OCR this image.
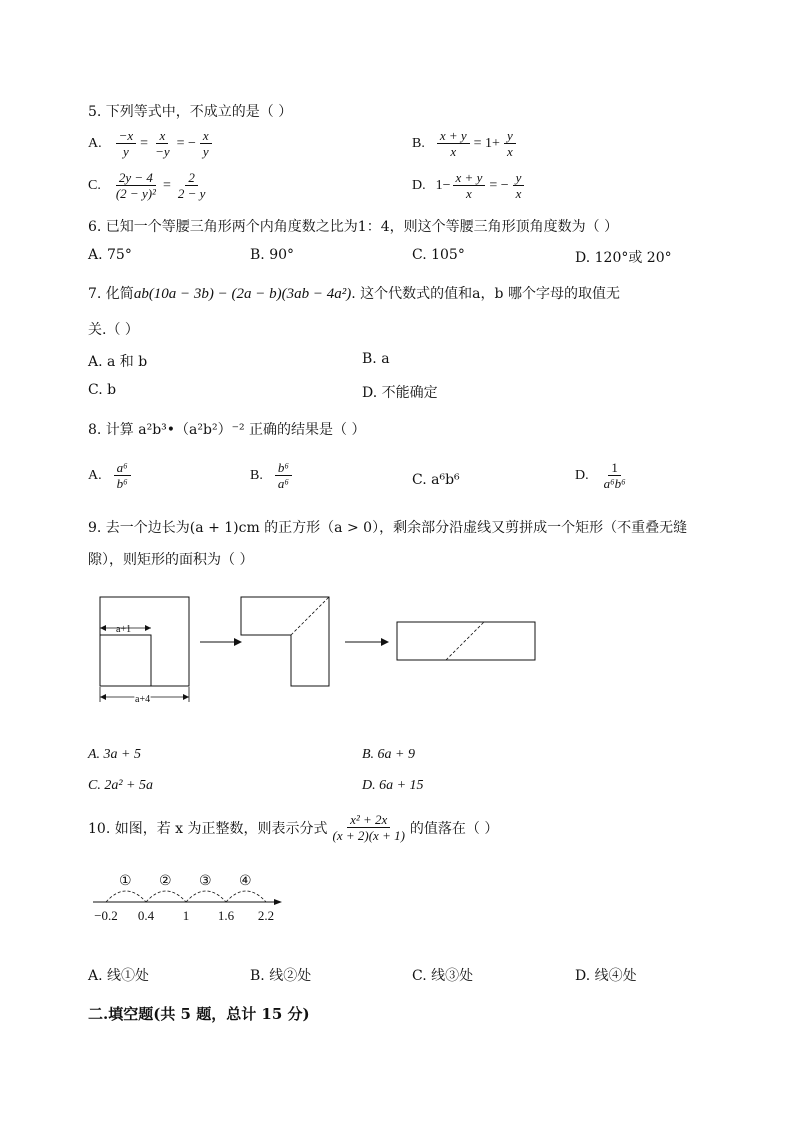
5. 下列等式中，不成立的是（ ）
A. $\frac{-x}{y} = \frac{x}{-y}$ = − $\frac{x}{y}$	B. $\frac{x + y}{x} = 1+ \frac{y}{x}$
C. $\frac{2y - 4}{\text{(2 − y)²}} = \frac{2}{2 - y}$	D. $1- \frac{x + y}{x}$ = − $\frac{y}{x}$
6. 已知一个等腰三角形两个内角度数之比为1：4，则这个等腰三角形顶角度数为（ ）
A. 75°	B. 90°	C. 105°	D. 120°或 20°
7. 化简ab(10a − 3b) − (2a − b)(3ab − 4a²). 这个代数式的值和a，b 哪个字母的取值无
关.（ ）
A. a 和 b	B. a
C. b	D. 不能确定
8. 计算 a²b³•（a²b²）⁻² 正确的结果是（ ）
A. $\frac{\text{a⁶}}{\text{b⁶}}$	B. $\frac{\text{b⁶}}{\text{a⁶}}$	C. a⁶b⁶	D. $\frac{1}{\text{a⁶b⁶}}$
9. 去一个边长为(a + 1)cm 的正方形（a > 0），剩余部分沿虚线又剪拼成一个矩形（不重叠无缝
隙），则矩形的面积为（ ）
a+1
a+4
A. 3a + 5	B. 6a + 9
C. 2a² + 5a	D. 6a + 15
10. 如图，若 x 为正整数，则表示分式 $\frac{\text{x² + 2x}}{(x + 2)(x + 1)}$ 的值落在（ ）
① ② ③ ④
−0.2 0.4 1 1.6 2.2
A. 线①处	B. 线②处	C. 线③处	D. 线④处
二.填空题(共 5 题，总计 15 分)
